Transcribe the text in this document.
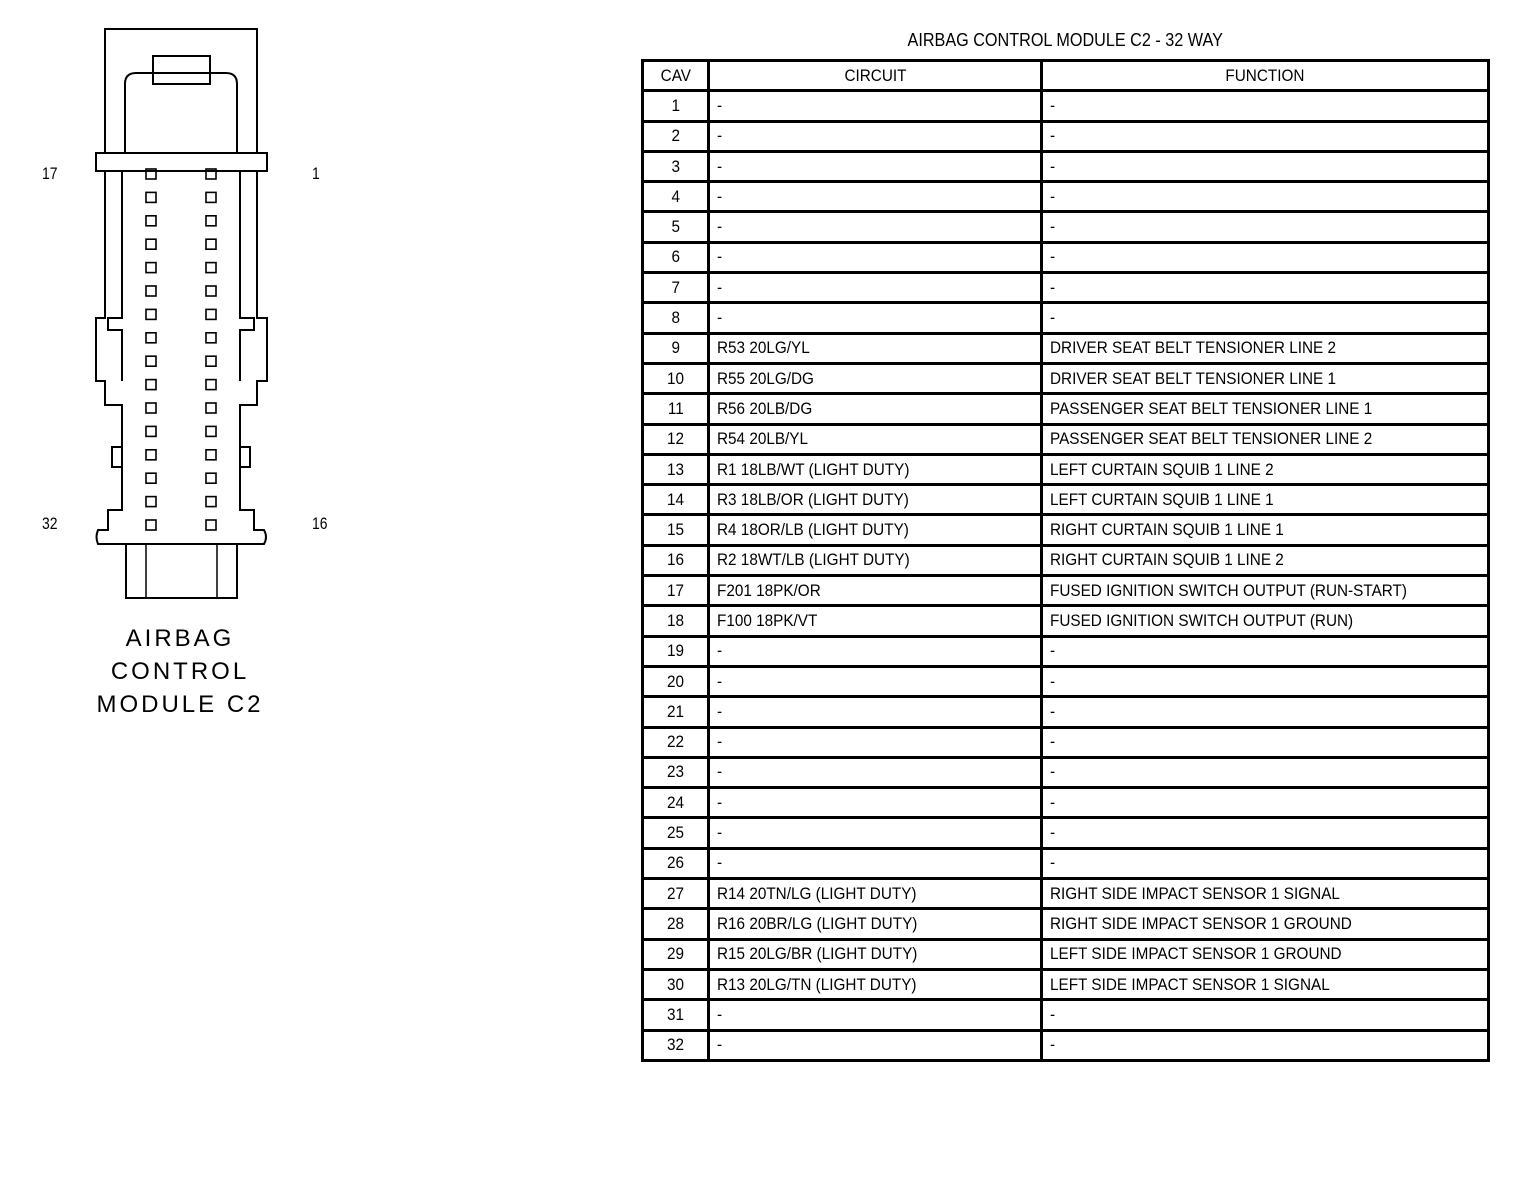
17	1
32	16
AIRBAG
CONTROL
MODULE C2
AIRBAG CONTROL MODULE C2 - 32 WAY
CAV	CIRCUIT	FUNCTION
1	-	-
2	-	-
3	-	-
4	-	-
5	-	-
6	-	-
7	-	-
8	-	-
9	R53 20LG/YL	DRIVER SEAT BELT TENSIONER LINE 2
10	R55 20LG/DG	DRIVER SEAT BELT TENSIONER LINE 1
11	R56 20LB/DG	PASSENGER SEAT BELT TENSIONER LINE 1
12	R54 20LB/YL	PASSENGER SEAT BELT TENSIONER LINE 2
13	R1 18LB/WT (LIGHT DUTY)	LEFT CURTAIN SQUIB 1 LINE 2
14	R3 18LB/OR (LIGHT DUTY)	LEFT CURTAIN SQUIB 1 LINE 1
15	R4 18OR/LB (LIGHT DUTY)	RIGHT CURTAIN SQUIB 1 LINE 1
16	R2 18WT/LB (LIGHT DUTY)	RIGHT CURTAIN SQUIB 1 LINE 2
17	F201 18PK/OR	FUSED IGNITION SWITCH OUTPUT (RUN-START)
18	F100 18PK/VT	FUSED IGNITION SWITCH OUTPUT (RUN)
19	-	-
20	-	-
21	-	-
22	-	-
23	-	-
24	-	-
25	-	-
26	-	-
27	R14 20TN/LG (LIGHT DUTY)	RIGHT SIDE IMPACT SENSOR 1 SIGNAL
28	R16 20BR/LG (LIGHT DUTY)	RIGHT SIDE IMPACT SENSOR 1 GROUND
29	R15 20LG/BR (LIGHT DUTY)	LEFT SIDE IMPACT SENSOR 1 GROUND
30	R13 20LG/TN (LIGHT DUTY)	LEFT SIDE IMPACT SENSOR 1 SIGNAL
31	-	-
32	-	-
